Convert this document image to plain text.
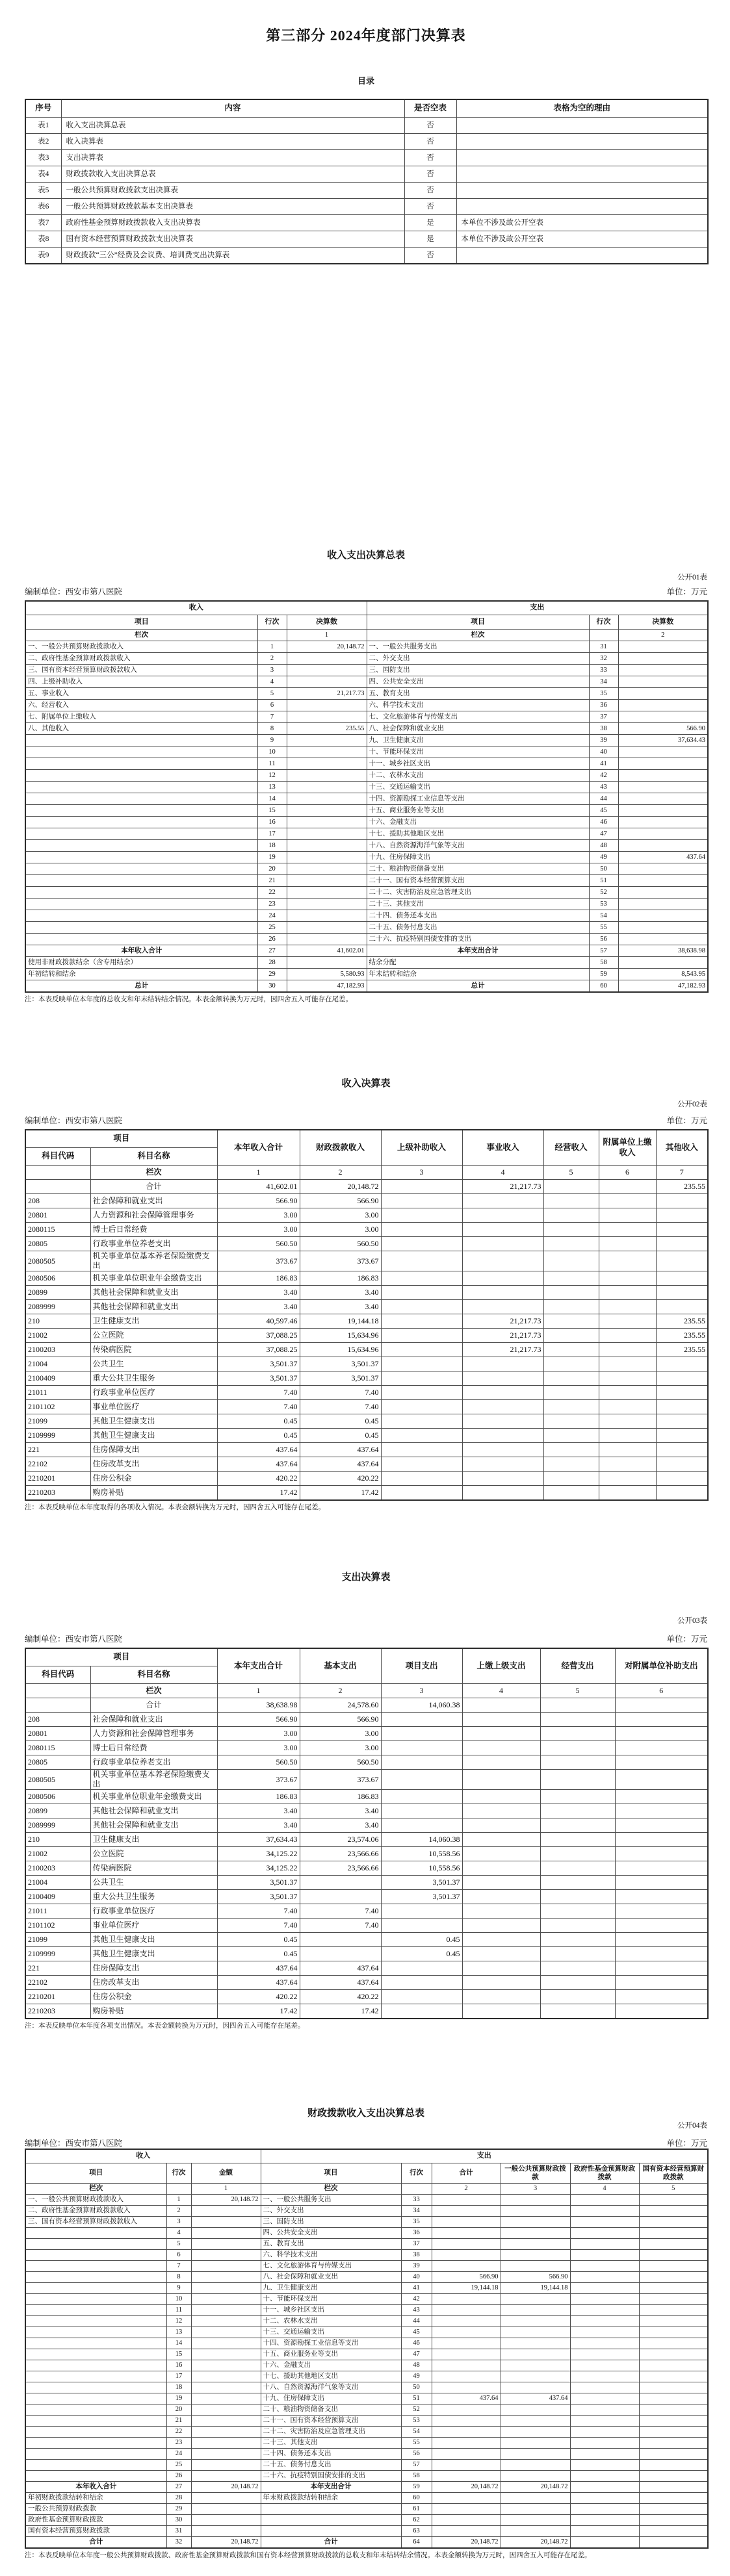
第三部分 2024年度部门决算表
目录
序号	内容	是否空表	表格为空的理由
表1	收入支出决算总表	否	
表2	收入决算表	否	
表3	支出决算表	否	
表4	财政拨款收入支出决算总表	否	
表5	一般公共预算财政拨款支出决算表	否	
表6	一般公共预算财政拨款基本支出决算表	否	
表7	政府性基金预算财政拨款收入支出决算表	是	本单位不涉及故公开空表
表8	国有资本经营预算财政拨款支出决算表	是	本单位不涉及故公开空表
表9	财政拨款“三公”经费及会议费、培训费支出决算表	否	
收入支出决算总表
公开01表
编制单位：西安市第八医院	单位：万元
收入			支出		
项目	行次	决算数	项目	行次	决算数
栏次		1	栏次		2
一、一般公共预算财政拨款收入	1	20,148.72	一、一般公共服务支出	31	
二、政府性基金预算财政拨款收入	2		二、外交支出	32	
三、国有资本经营预算财政拨款收入	3		三、国防支出	33	
四、上级补助收入	4		四、公共安全支出	34	
五、事业收入	5	21,217.73	五、教育支出	35	
六、经营收入	6		六、科学技术支出	36	
七、附属单位上缴收入	7		七、文化旅游体育与传媒支出	37	
八、其他收入	8	235.55	八、社会保障和就业支出	38	566.90
	9		九、卫生健康支出	39	37,634.43
	10		十、节能环保支出	40	
	11		十一、城乡社区支出	41	
	12		十二、农林水支出	42	
	13		十三、交通运输支出	43	
	14		十四、资源勘探工业信息等支出	44	
	15		十五、商业服务业等支出	45	
	16		十六、金融支出	46	
	17		十七、援助其他地区支出	47	
	18		十八、自然资源海洋气象等支出	48	
	19		十九、住房保障支出	49	437.64
	20		二十、粮油物资储备支出	50	
	21		二十一、国有资本经营预算支出	51	
	22		二十二、灾害防治及应急管理支出	52	
	23		二十三、其他支出	53	
	24		二十四、债务还本支出	54	
	25		二十五、债务付息支出	55	
	26		二十六、抗疫特别国债安排的支出	56	
本年收入合计	27	41,602.01	本年支出合计	57	38,638.98
使用非财政拨款结余（含专用结余）	28		结余分配	58	
年初结转和结余	29	5,580.93	年末结转和结余	59	8,543.95
总计	30	47,182.93	总计	60	47,182.93
注：本表反映单位本年度的总收支和年末结转结余情况。本表金额转换为万元时，因四舍五入可能存在尾差。
收入决算表
公开02表
编制单位：西安市第八医院	单位：万元
项目		本年收入合计	财政拨款收入	上级补助收入	事业收入	经营收入	附属单位上缴收入	其他收入
科目代码	科目名称							
	栏次	1	2	3	4	5	6	7
	合计	41,602.01	20,148.72		21,217.73			235.55
208	社会保障和就业支出	566.90	566.90					
20801	人力资源和社会保障管理事务	3.00	3.00					
2080115	博士后日常经费	3.00	3.00					
20805	行政事业单位养老支出	560.50	560.50					
2080505	机关事业单位基本养老保险缴费支出	373.67	373.67					
2080506	机关事业单位职业年金缴费支出	186.83	186.83					
20899	其他社会保障和就业支出	3.40	3.40					
2089999	其他社会保障和就业支出	3.40	3.40					
210	卫生健康支出	40,597.46	19,144.18		21,217.73			235.55
21002	公立医院	37,088.25	15,634.96		21,217.73			235.55
2100203	传染病医院	37,088.25	15,634.96		21,217.73			235.55
21004	公共卫生	3,501.37	3,501.37					
2100409	重大公共卫生服务	3,501.37	3,501.37					
21011	行政事业单位医疗	7.40	7.40					
2101102	事业单位医疗	7.40	7.40					
21099	其他卫生健康支出	0.45	0.45					
2109999	其他卫生健康支出	0.45	0.45					
221	住房保障支出	437.64	437.64					
22102	住房改革支出	437.64	437.64					
2210201	住房公积金	420.22	420.22					
2210203	购房补贴	17.42	17.42					
注：本表反映单位本年度取得的各项收入情况。本表金额转换为万元时，因四舍五入可能存在尾差。
支出决算表
公开03表
编制单位：西安市第八医院	单位：万元
项目		本年支出合计	基本支出	项目支出	上缴上级支出	经营支出	对附属单位补助支出
科目代码	科目名称						
	栏次	1	2	3	4	5	6
	合计	38,638.98	24,578.60	14,060.38			
208	社会保障和就业支出	566.90	566.90				
20801	人力资源和社会保障管理事务	3.00	3.00				
2080115	博士后日常经费	3.00	3.00				
20805	行政事业单位养老支出	560.50	560.50				
2080505	机关事业单位基本养老保险缴费支出	373.67	373.67				
2080506	机关事业单位职业年金缴费支出	186.83	186.83				
20899	其他社会保障和就业支出	3.40	3.40				
2089999	其他社会保障和就业支出	3.40	3.40				
210	卫生健康支出	37,634.43	23,574.06	14,060.38			
21002	公立医院	34,125.22	23,566.66	10,558.56			
2100203	传染病医院	34,125.22	23,566.66	10,558.56			
21004	公共卫生	3,501.37		3,501.37			
2100409	重大公共卫生服务	3,501.37		3,501.37			
21011	行政事业单位医疗	7.40	7.40				
2101102	事业单位医疗	7.40	7.40				
21099	其他卫生健康支出	0.45		0.45			
2109999	其他卫生健康支出	0.45		0.45			
221	住房保障支出	437.64	437.64				
22102	住房改革支出	437.64	437.64				
2210201	住房公积金	420.22	420.22				
2210203	购房补贴	17.42	17.42				
注：本表反映单位本年度各项支出情况。本表金额转换为万元时，因四舍五入可能存在尾差。
财政拨款收入支出决算总表
公开04表
编制单位：西安市第八医院	单位：万元
收入			支出					
项目	行次	金额	项目	行次	合计	一般公共预算财政拨款	政府性基金预算财政拨款	国有资本经营预算财政拨款
栏次		1	栏次		2	3	4	5
一、一般公共预算财政拨款收入	1	20,148.72	一、一般公共服务支出	33				
二、政府性基金预算财政拨款收入	2		二、外交支出	34				
三、国有资本经营预算财政拨款收入	3		三、国防支出	35				
	4		四、公共安全支出	36				
	5		五、教育支出	37				
	6		六、科学技术支出	38				
	7		七、文化旅游体育与传媒支出	39				
	8		八、社会保障和就业支出	40	566.90	566.90		
	9		九、卫生健康支出	41	19,144.18	19,144.18		
	10		十、节能环保支出	42				
	11		十一、城乡社区支出	43				
	12		十二、农林水支出	44				
	13		十三、交通运输支出	45				
	14		十四、资源勘探工业信息等支出	46				
	15		十五、商业服务业等支出	47				
	16		十六、金融支出	48				
	17		十七、援助其他地区支出	49				
	18		十八、自然资源海洋气象等支出	50				
	19		十九、住房保障支出	51	437.64	437.64		
	20		二十、粮油物资储备支出	52				
	21		二十一、国有资本经营预算支出	53				
	22		二十二、灾害防治及应急管理支出	54				
	23		二十三、其他支出	55				
	24		二十四、债务还本支出	56				
	25		二十五、债务付息支出	57				
	26		二十六、抗疫特别国债安排的支出	58				
本年收入合计	27	20,148.72	本年支出合计	59	20,148.72	20,148.72		
年初财政拨款结转和结余	28		年末财政拨款结转和结余	60				
一般公共预算财政拨款	29			61				
政府性基金预算财政拨款	30			62				
国有资本经营预算财政拨款	31			63				
合计	32	20,148.72	合计	64	20,148.72	20,148.72		
注：本表反映单位本年度一般公共预算财政拨款、政府性基金预算财政拨款和国有资本经营预算财政拨款的总收支和年末结转结余情况。本表金额转换为万元时，因四舍五入可能存在尾差。
